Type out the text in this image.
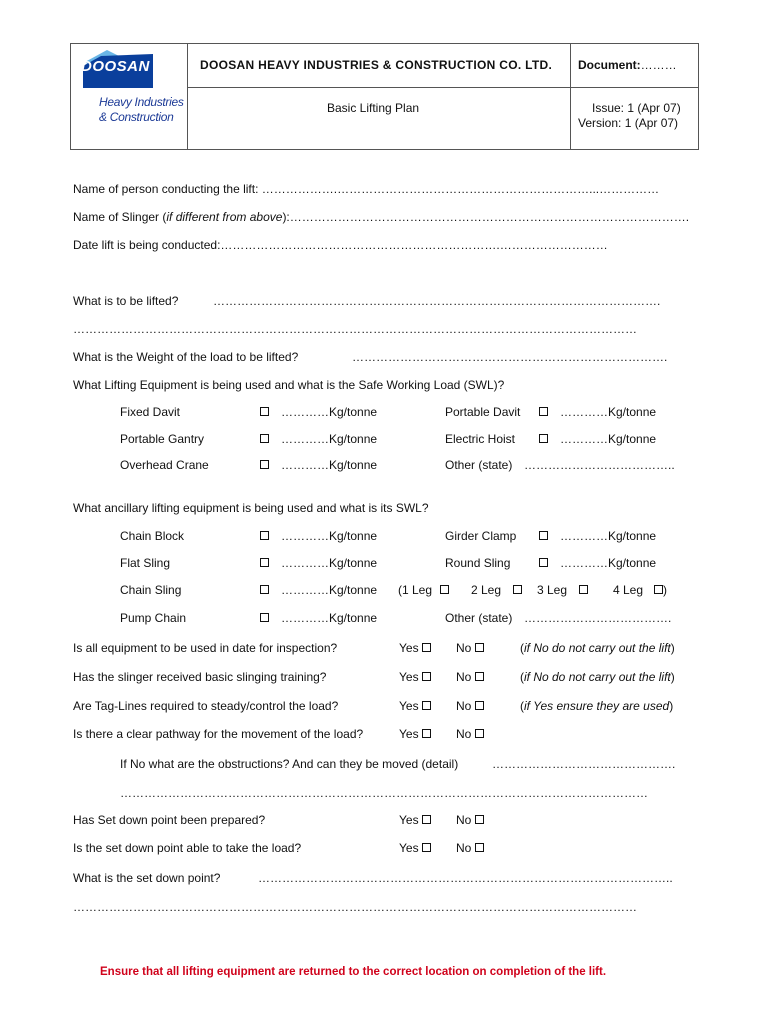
DOOSAN
Heavy Industries
& Construction
DOOSAN HEAVY INDUSTRIES & CONSTRUCTION CO. LTD. Document:………
Basic Lifting Plan	Issue: 1 (Apr 07)
Version: 1 (Apr 07)
Name of person conducting the lift: ……………….………………………………………………………...……………
Name of Slinger (if different from above):……………………………………………………………………………………….
Date lift is being conducted:…………………………………………………………….………………………
What is to be lifted?	………………………………………………………………………………………………….
……………………………………………………………………………………………………………………………
What is the Weight of the load to be lifted?	…………………………………………………………………….
What Lifting Equipment is being used and what is the Safe Working Load (SWL)?
Fixed Davit	…………Kg/tonne	Portable Davit	…………Kg/tonne
Portable Gantry	…………Kg/tonne	Electric Hoist	…………Kg/tonne
Overhead Crane	…………Kg/tonne	Other (state) ………………………………..
What ancillary lifting equipment is being used and what is its SWL?
Chain Block	…………Kg/tonne	Girder Clamp	…………Kg/tonne
Flat Sling	…………Kg/tonne	Round Sling	…………Kg/tonne
Chain Sling	…………Kg/tonne (1 Leg	2 Leg	3 Leg	4 Leg )
Pump Chain	…………Kg/tonne	Other (state) ……………………………….
Is all equipment to be used in date for inspection?	Yes	No	(if No do not carry out the lift)
Has the slinger received basic slinging training?	Yes	No	(if No do not carry out the lift)
Are Tag-Lines required to steady/control the load?	Yes	No	(if Yes ensure they are used)
Is there a clear pathway for the movement of the load?	Yes	No
If No what are the obstructions? And can they be moved (detail)	……………………………………….
……………………………………………………………………………………………………………………
Has Set down point been prepared?	Yes	No
Is the set down point able to take the load?	Yes	No
What is the set down point?	…………………………………………………………………………………………..
……………………………………………………………………………………………………………………………
Ensure that all lifting equipment are returned to the correct location on completion of the lift.
